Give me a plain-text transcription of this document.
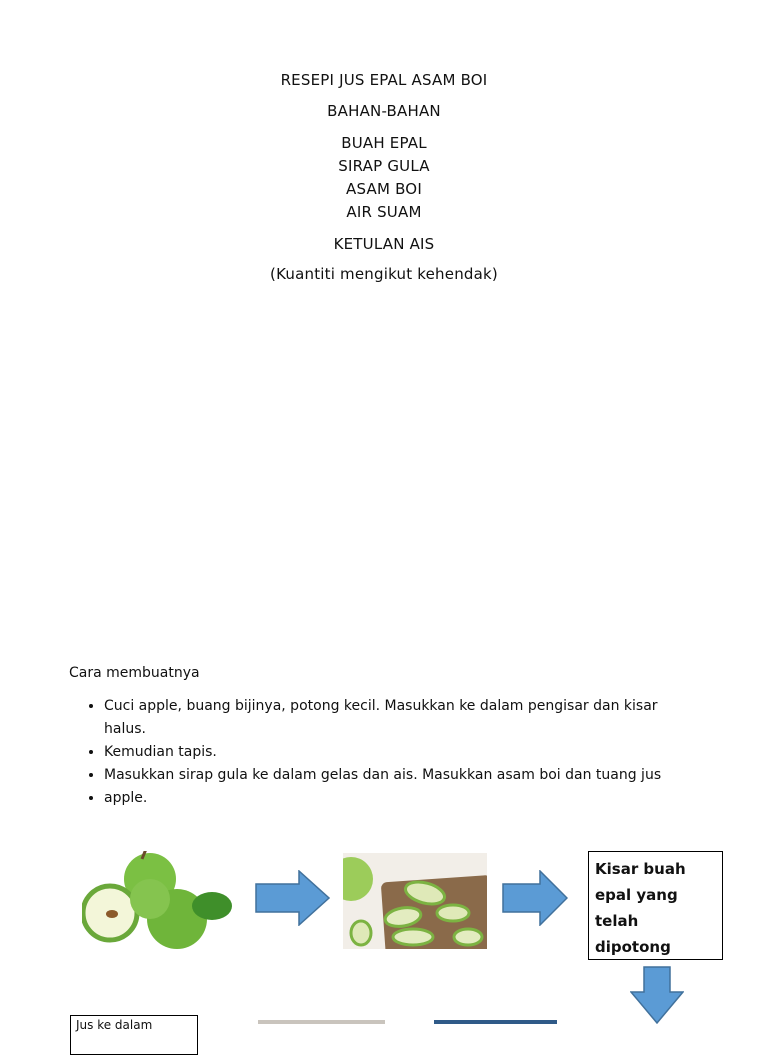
RESEPI JUS EPAL ASAM BOI
BAHAN-BAHAN
BUAH EPAL
SIRAP GULA
ASAM BOI
AIR SUAM
KETULAN AIS
(Kuantiti mengikut kehendak)
Cara membuatnya
• Cuci apple, buang bijinya, potong kecil. Masukkan ke dalam pengisar dan kisar halus.
• Kemudian tapis.
• Masukkan sirap gula ke dalam gelas dan ais. Masukkan asam boi dan tuang jus
• apple.
Kisar buah epal yang telah dipotong
Jus ke dalam
